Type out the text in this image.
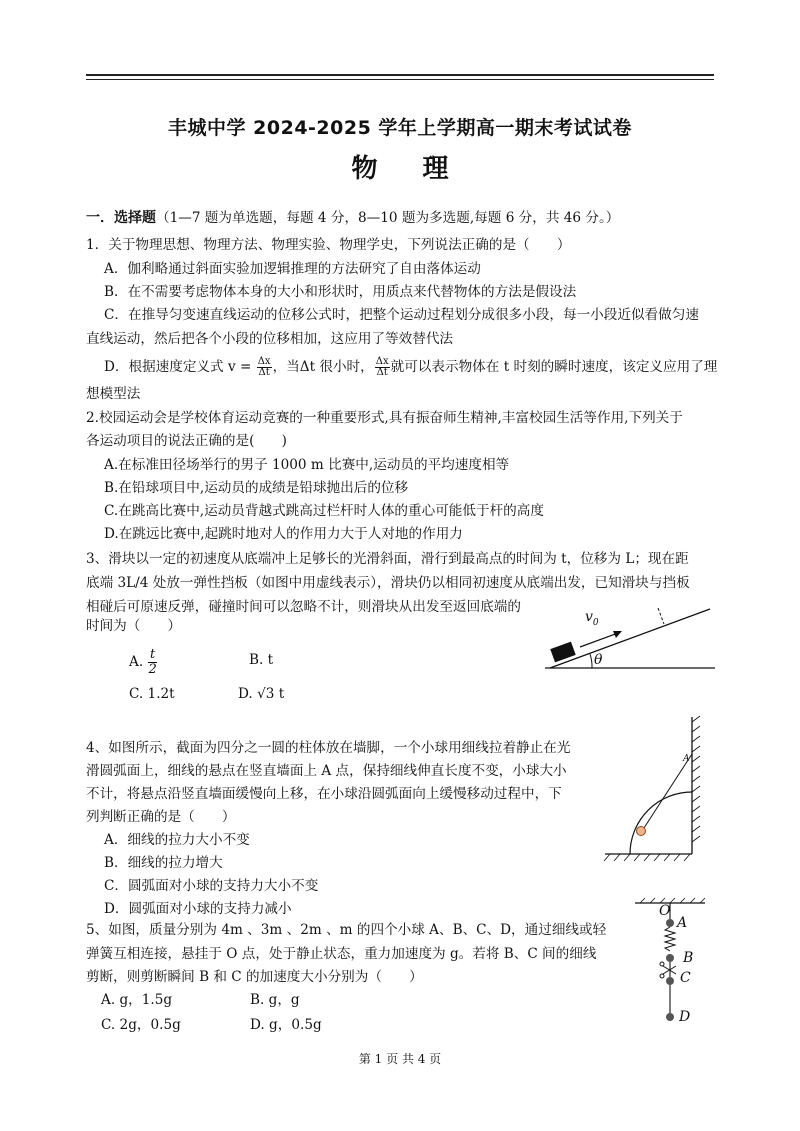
丰城中学 2024-2025 学年上学期高一期末考试试卷
物 理
一．选择题（1—7 题为单选题，每题 4 分，8—10 题为多选题,每题 6 分，共 46 分。）
1．关于物理思想、物理方法、物理实验、物理学史，下列说法正确的是（　　）
A．伽利略通过斜面实验加逻辑推理的方法研究了自由落体运动
B．在不需要考虑物体本身的大小和形状时，用质点来代替物体的方法是假设法
C．在推导匀变速直线运动的位移公式时，把整个运动过程划分成很多小段，每一小段近似看做匀速
直线运动，然后把各个小段的位移相加，这应用了等效替代法
D．根据速度定义式 $v = \frac{\Delta x}{\Delta t}$ ，当Δt 很小时， $\frac{\Delta x}{\Delta t}$ 就可以表示物体在 t 时刻的瞬时速度，该定义应用了理
想模型法
2.校园运动会是学校体育运动竞赛的一种重要形式,具有振奋师生精神,丰富校园生活等作用,下列关于
各运动项目的说法正确的是(　　)
A.在标准田径场举行的男子 1000 m 比赛中,运动员的平均速度相等
B.在铅球项目中,运动员的成绩是铅球抛出后的位移
C.在跳高比赛中,运动员背越式跳高过栏杆时人体的重心可能低于杆的高度
D.在跳远比赛中,起跳时地对人的作用力大于人对地的作用力
3、滑块以一定的初速度从底端冲上足够长的光滑斜面，滑行到最高点的时间为 t，位移为 L；现在距
底端 3L/4 处放一弹性挡板（如图中用虚线表示），滑块仍以相同初速度从底端出发，已知滑块与挡板
相碰后可原速反弹，碰撞时间可以忽略不计，则滑块从出发至返回底端的
时间为（　　）
A. $\frac{t}{2}$	B. t
C. 1.2t	D. √3 t
$v_0$
θ
4、如图所示，截面为四分之一圆的柱体放在墙脚，一个小球用细线拉着静止在光
滑圆弧面上，细线的悬点在竖直墙面上 A 点，保持细线伸直长度不变，小球大小
不计，将悬点沿竖直墙面缓慢向上移，在小球沿圆弧面向上缓慢移动过程中，下
列判断正确的是（　　）
A．细线的拉力大小不变
B．细线的拉力增大
C．圆弧面对小球的支持力大小不变
D．圆弧面对小球的支持力减小
A
5、如图，质量分别为 4m 、3m 、2m 、m 的四个小球 A、B、C、D，通过细线或轻
弹簧互相连接，悬挂于 O 点，处于静止状态，重力加速度为 g。若将 B、C 间的细线
剪断，则剪断瞬间 B 和 C 的加速度大小分别为（　　）
A. g，1.5g	B. g，g
C. 2g，0.5g	D. g，0.5g
O
A
B
C
D
第 1 页 共 4 页
